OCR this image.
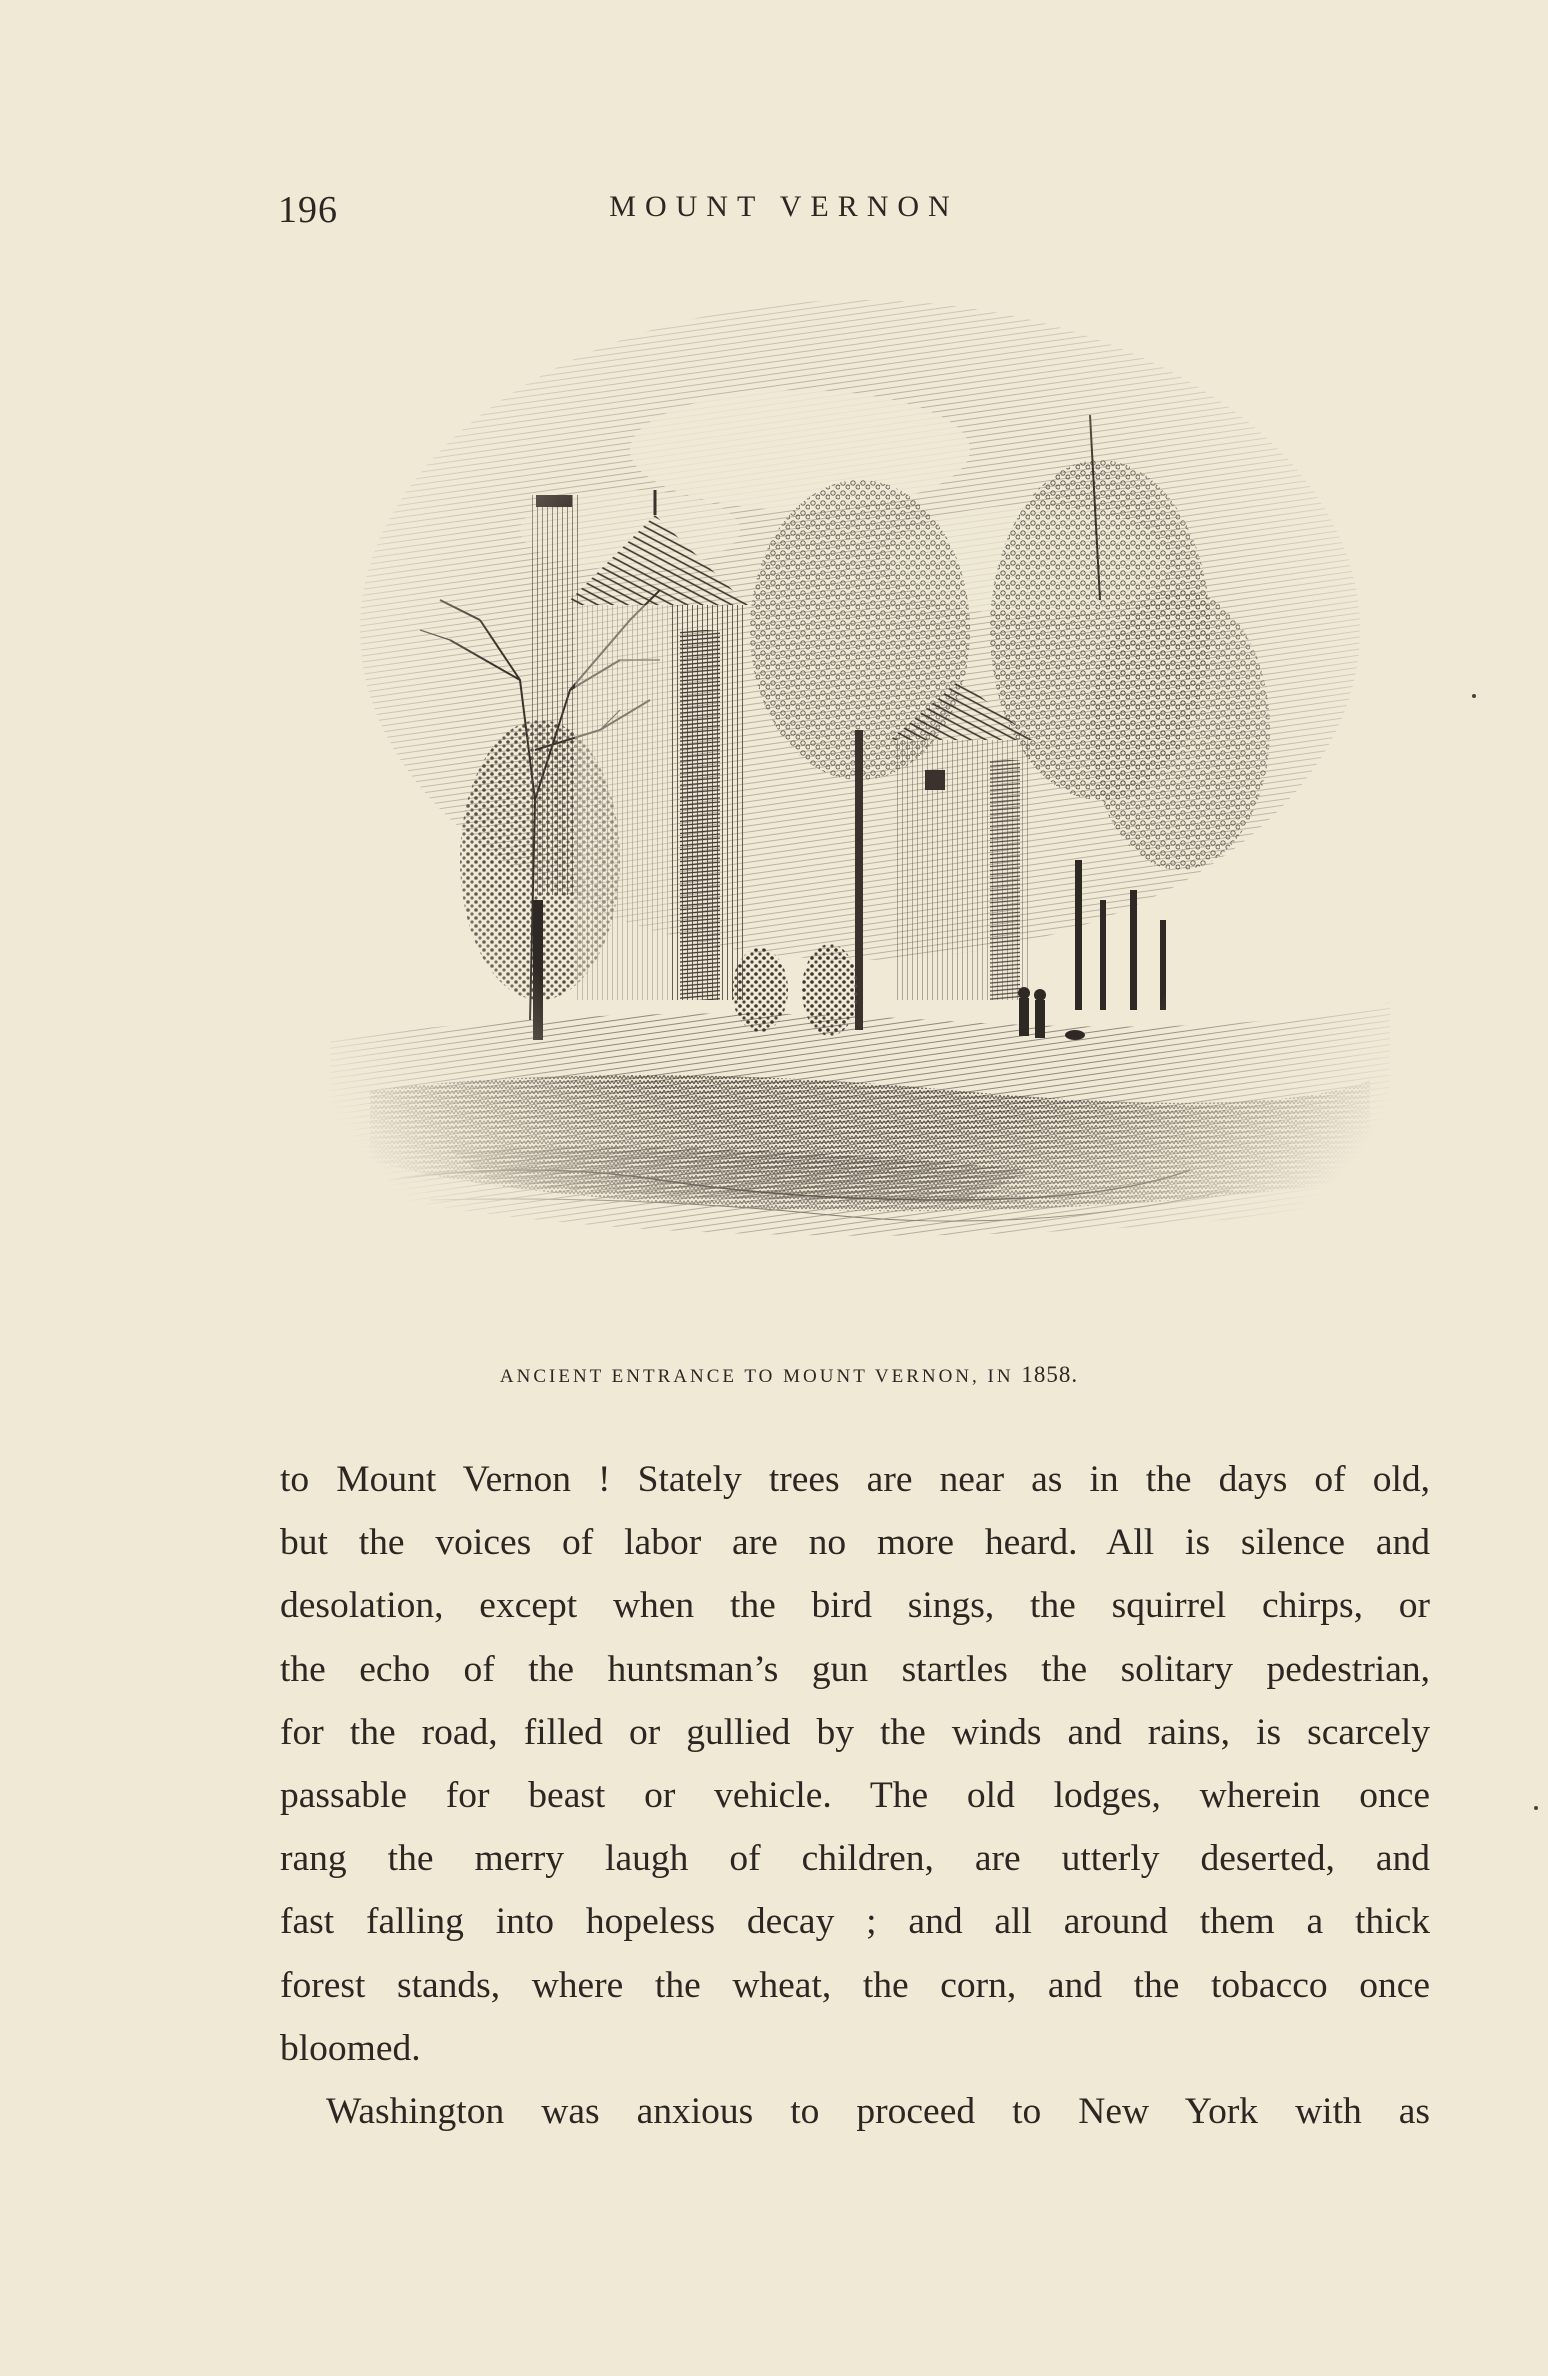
196	MOUNT VERNON
ANCIENT ENTRANCE TO MOUNT VERNON, IN 1858.
to Mount Vernon ! Stately trees are near as in the days of old,
but the voices of labor are no more heard. All is silence and
desolation, except when the bird sings, the squirrel chirps, or
the echo of the huntsman’s gun startles the solitary pedestrian,
for the road, filled or gullied by the winds and rains, is scarcely
passable for beast or vehicle. The old lodges, wherein once
rang the merry laugh of children, are utterly deserted, and
fast falling into hopeless decay ; and all around them a thick
forest stands, where the wheat, the corn, and the tobacco once
bloomed.
Washington was anxious to proceed to New York with as
